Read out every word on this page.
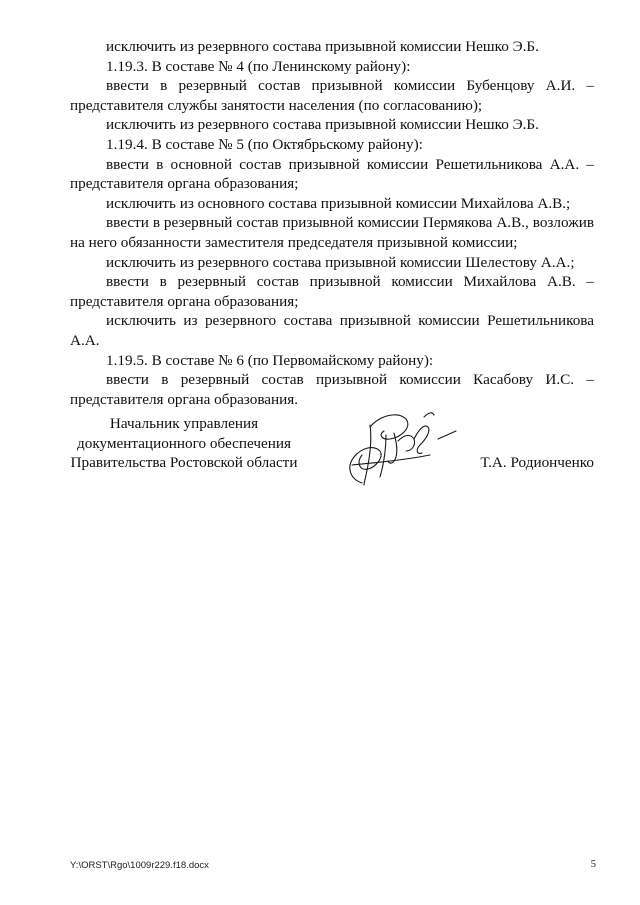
исключить из резервного состава призывной комиссии Нешко Э.Б.

1.19.3. В составе № 4 (по Ленинскому району):

ввести в резервный состав призывной комиссии Бубенцову А.И. – представителя службы занятости населения (по согласованию);

исключить из резервного состава призывной комиссии Нешко Э.Б.

1.19.4. В составе № 5 (по Октябрьскому району):

ввести в основной состав призывной комиссии Решетильникова А.А. – представителя органа образования;

исключить из основного состава призывной комиссии Михайлова А.В.;

ввести в резервный состав призывной комиссии Пермякова А.В., возложив на него обязанности заместителя председателя призывной комиссии;

исключить из резервного состава призывной комиссии Шелестову А.А.;

ввести в резервный состав призывной комиссии Михайлова А.В. – представителя органа образования;

исключить из резервного состава призывной комиссии Решетильникова А.А.

1.19.5. В составе № 6 (по Первомайскому району):

ввести в резервный состав призывной комиссии Касабову И.С. – представителя органа образования.

Начальник управления
документационного обеспечения
Правительства Ростовской области	Т.А. Родионченко
Y:\ORST\Rgo\1009r229.f18.docx	5
